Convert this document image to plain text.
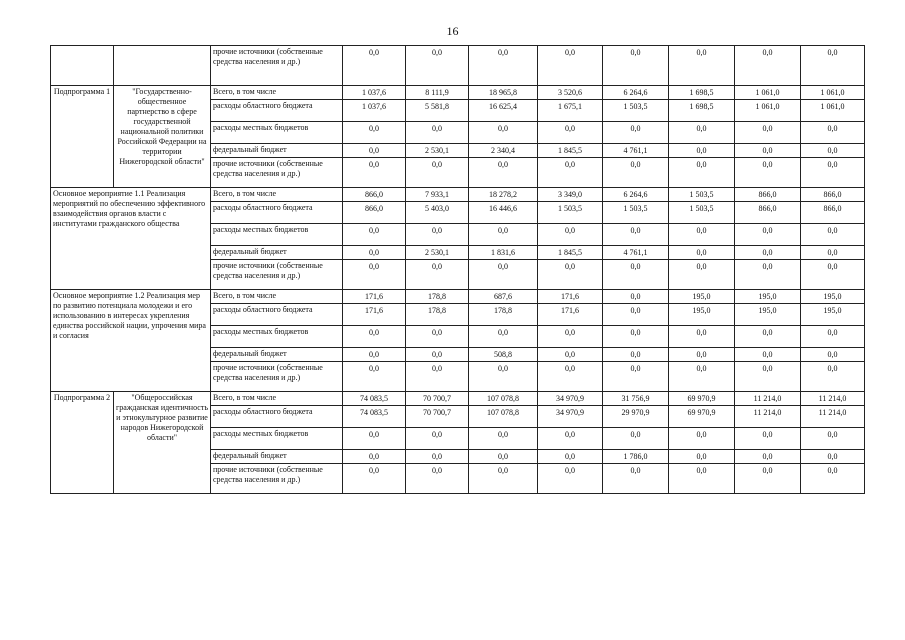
16
		прочие источники (собственные средства населения и др.)	0,0	0,0	0,0	0,0	0,0	0,0	0,0	0,0
Подпрограмма 1	"Государственно-общественное партнерство в сфере государственной национальной политики Российской Федерации на территории Нижегородской области"	Всего, в том числе	1 037,6	8 111,9	18 965,8	3 520,6	6 264,6	1 698,5	1 061,0	1 061,0
		расходы областного бюджета	1 037,6	5 581,8	16 625,4	1 675,1	1 503,5	1 698,5	1 061,0	1 061,0
		расходы местных бюджетов	0,0	0,0	0,0	0,0	0,0	0,0	0,0	0,0
		федеральный бюджет	0,0	2 530,1	2 340,4	1 845,5	4 761,1	0,0	0,0	0,0
		прочие источники (собственные средства населения и др.)	0,0	0,0	0,0	0,0	0,0	0,0	0,0	0,0
Основное мероприятие 1.1 Реализация мероприятий по обеспечению эффективного взаимодействия органов власти с институтами гражданского общества		Всего, в том числе	866,0	7 933,1	18 278,2	3 349,0	6 264,6	1 503,5	866,0	866,0
		расходы областного бюджета	866,0	5 403,0	16 446,6	1 503,5	1 503,5	1 503,5	866,0	866,0
		расходы местных бюджетов	0,0	0,0	0,0	0,0	0,0	0,0	0,0	0,0
		федеральный бюджет	0,0	2 530,1	1 831,6	1 845,5	4 761,1	0,0	0,0	0,0
		прочие источники (собственные средства населения и др.)	0,0	0,0	0,0	0,0	0,0	0,0	0,0	0,0
Основное мероприятие 1.2 Реализация мер по развитию потенциала молодежи и его использованию в интересах укрепления единства российской нации, упрочения мира и согласия		Всего, в том числе	171,6	178,8	687,6	171,6	0,0	195,0	195,0	195,0
		расходы областного бюджета	171,6	178,8	178,8	171,6	0,0	195,0	195,0	195,0
		расходы местных бюджетов	0,0	0,0	0,0	0,0	0,0	0,0	0,0	0,0
		федеральный бюджет	0,0	0,0	508,8	0,0	0,0	0,0	0,0	0,0
		прочие источники (собственные средства населения и др.)	0,0	0,0	0,0	0,0	0,0	0,0	0,0	0,0
Подпрограмма 2	"Общероссийская гражданская идентичность и этнокультурное развитие народов Нижегородской области"	Всего, в том числе	74 083,5	70 700,7	107 078,8	34 970,9	31 756,9	69 970,9	11 214,0	11 214,0
		расходы областного бюджета	74 083,5	70 700,7	107 078,8	34 970,9	29 970,9	69 970,9	11 214,0	11 214,0
		расходы местных бюджетов	0,0	0,0	0,0	0,0	0,0	0,0	0,0	0,0
		федеральный бюджет	0,0	0,0	0,0	0,0	1 786,0	0,0	0,0	0,0
		прочие источники (собственные средства населения и др.)	0,0	0,0	0,0	0,0	0,0	0,0	0,0	0,0
